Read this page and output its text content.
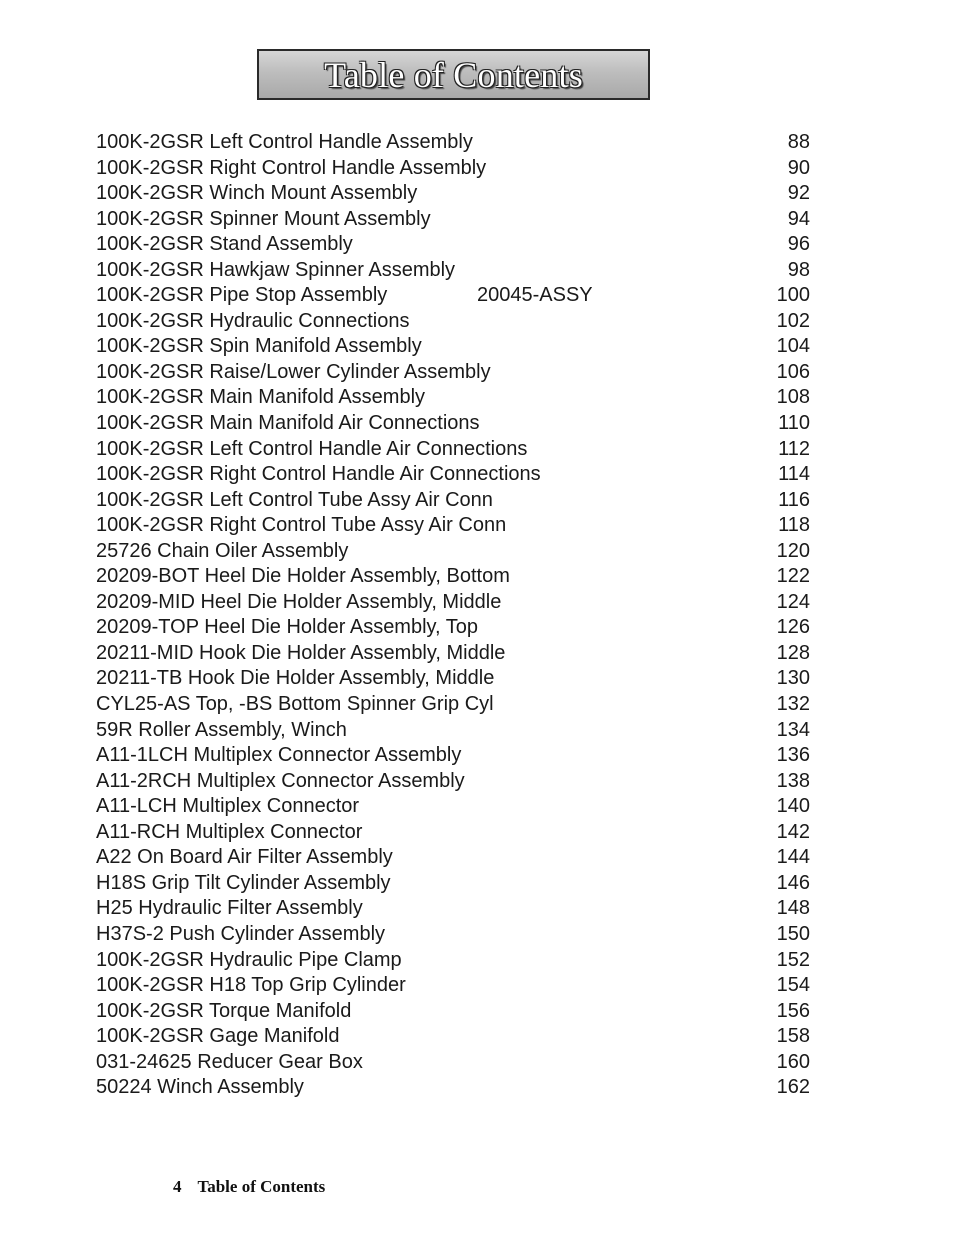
Table of Contents
100K-2GSR Left Control Handle Assembly	88
100K-2GSR Right Control Handle Assembly	90
100K-2GSR Winch Mount Assembly	92
100K-2GSR Spinner Mount Assembly	94
100K-2GSR Stand Assembly	96
100K-2GSR Hawkjaw Spinner Assembly	98
100K-2GSR Pipe Stop Assembly	20045-ASSY	100
100K-2GSR Hydraulic Connections	102
100K-2GSR Spin Manifold Assembly	104
100K-2GSR Raise/Lower Cylinder Assembly	106
100K-2GSR Main Manifold Assembly	108
100K-2GSR Main Manifold Air Connections	110
100K-2GSR Left Control Handle Air Connections	112
100K-2GSR Right Control Handle Air Connections	114
100K-2GSR Left Control Tube Assy Air Conn	116
100K-2GSR Right Control Tube Assy Air Conn	118
25726 Chain Oiler Assembly	120
20209-BOT Heel Die Holder Assembly, Bottom	122
20209-MID Heel Die Holder Assembly, Middle	124
20209-TOP Heel Die Holder Assembly, Top	126
20211-MID Hook Die Holder Assembly, Middle	128
20211-TB Hook Die Holder Assembly, Middle	130
CYL25-AS Top, -BS Bottom Spinner Grip Cyl	132
59R Roller Assembly, Winch	134
A11-1LCH Multiplex Connector Assembly	136
A11-2RCH Multiplex Connector Assembly	138
A11-LCH Multiplex Connector	140
A11-RCH Multiplex Connector	142
A22 On Board Air Filter Assembly	144
H18S Grip Tilt Cylinder Assembly	146
H25 Hydraulic Filter Assembly	148
H37S-2 Push Cylinder Assembly	150
100K-2GSR Hydraulic Pipe Clamp	152
100K-2GSR H18 Top Grip Cylinder	154
100K-2GSR Torque Manifold	156
100K-2GSR Gage Manifold	158
031-24625 Reducer Gear Box	160
50224 Winch Assembly	162
4 Table of Contents
